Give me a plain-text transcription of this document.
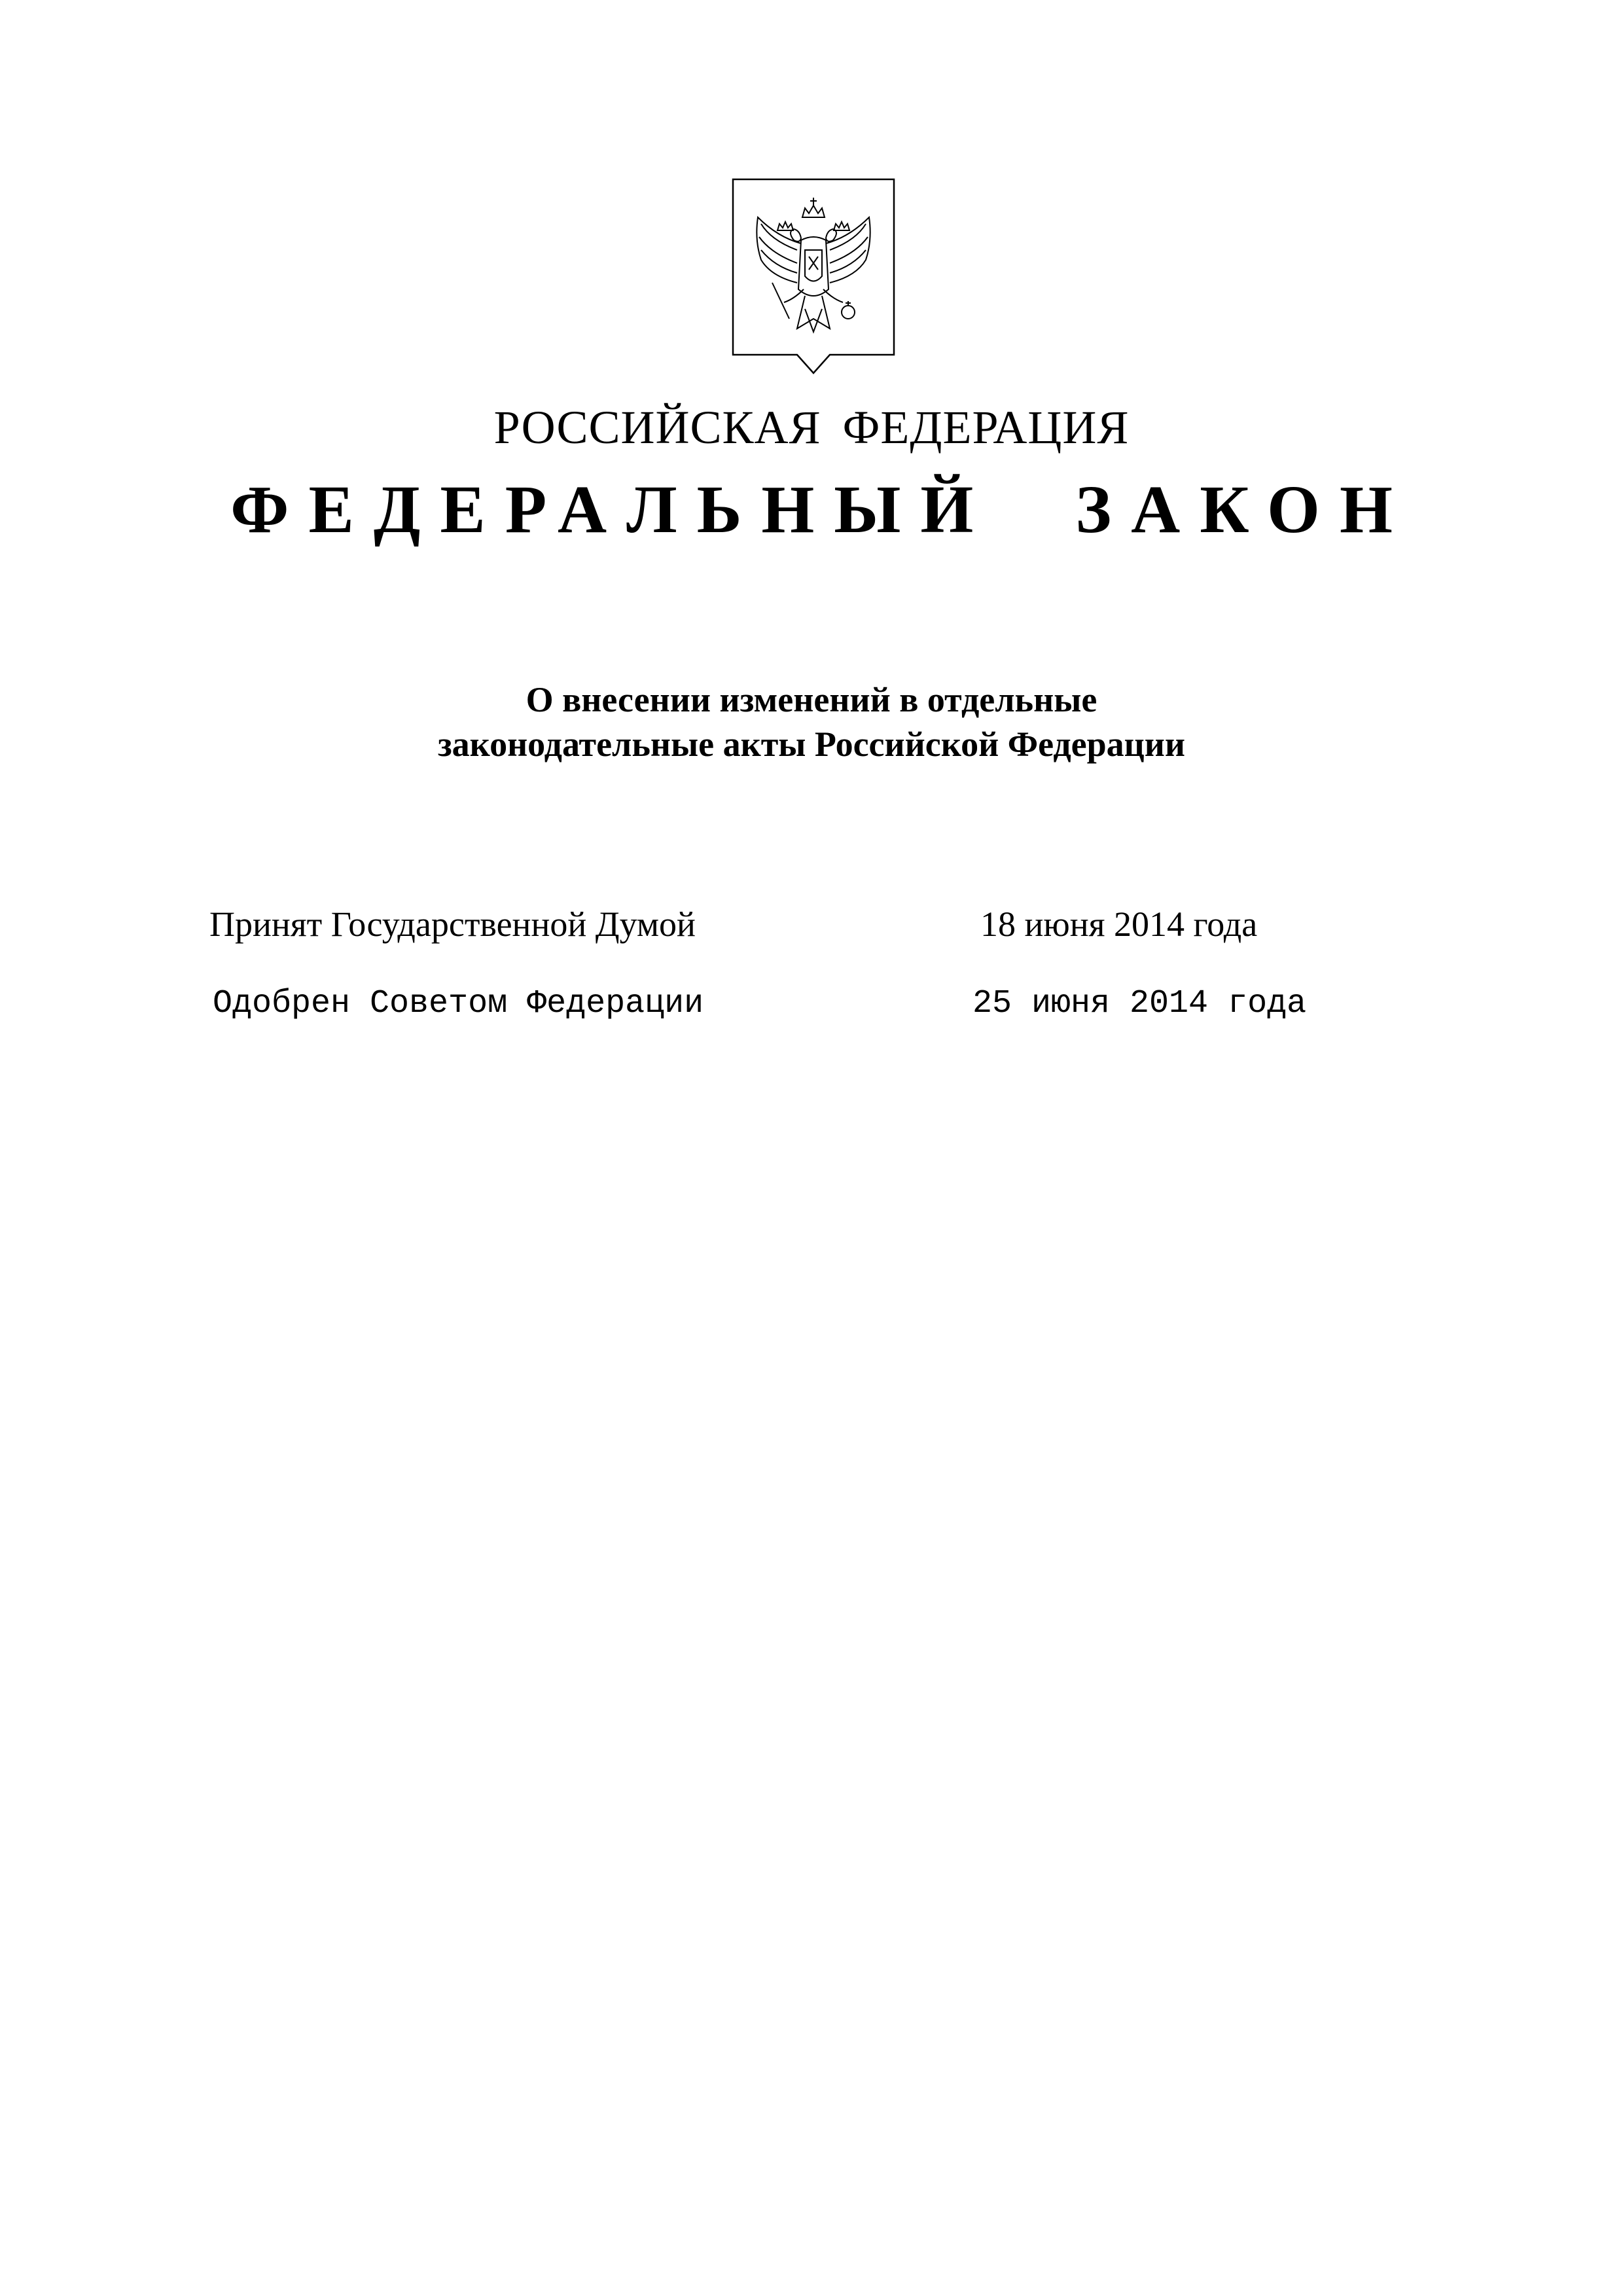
РОССИЙСКАЯ ФЕДЕРАЦИЯ
ФЕДЕРАЛЬНЫЙ ЗАКОН
О внесении изменений в отдельные
законодательные акты Российской Федерации
Принят Государственной Думой	18 июня 2014 года
Одобрен Советом Федерации	25 июня 2014 года
